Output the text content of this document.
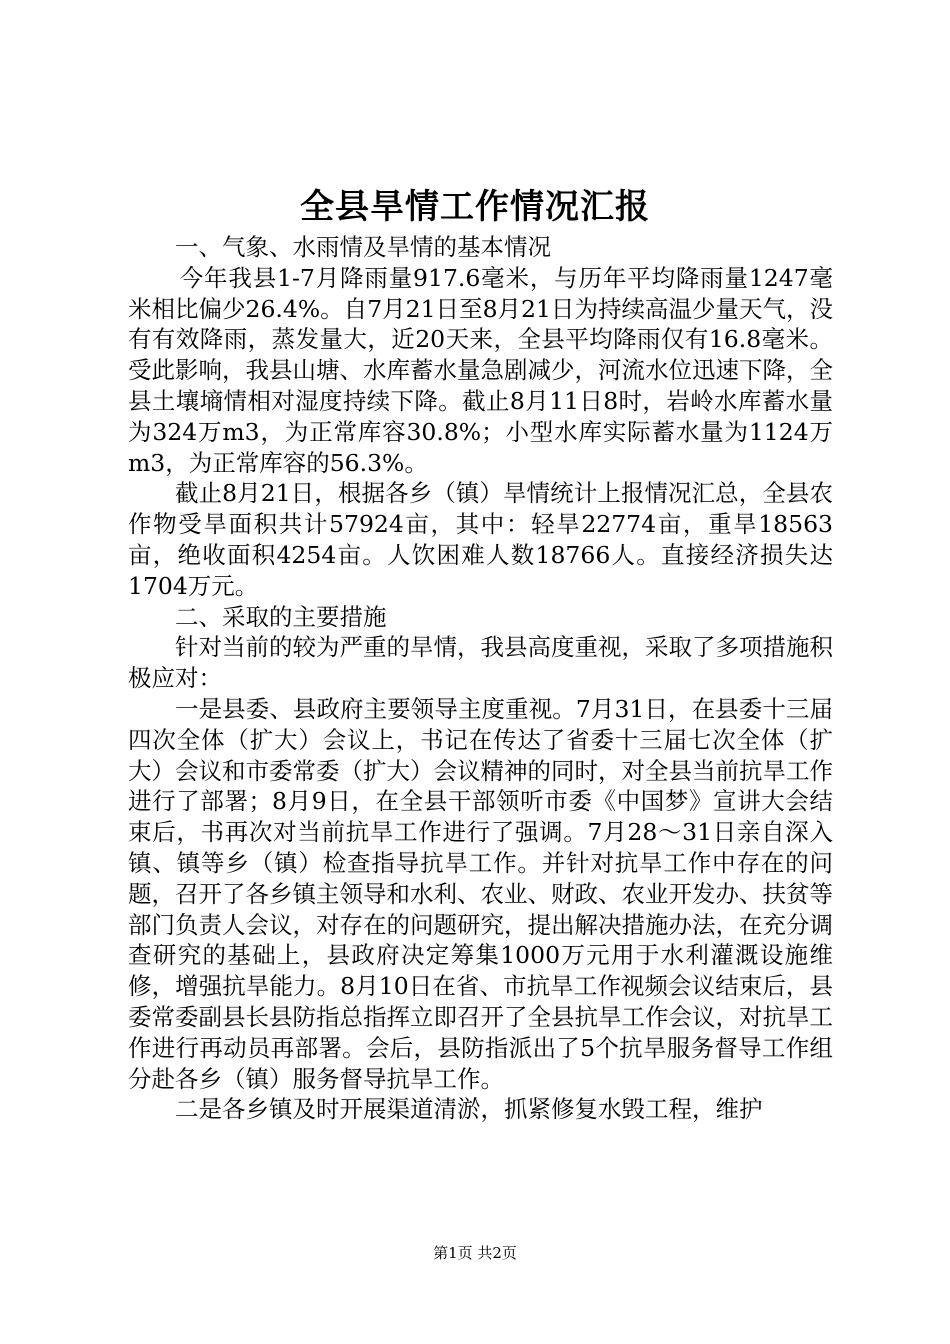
全县旱情工作情况汇报

一、气象、水雨情及旱情的基本情况

今年我县1-7月降雨量917.6毫米，与历年平均降雨量1247毫米相比偏少26.4%。自7月21日至8月21日为持续高温少量天气，没有有效降雨，蒸发量大，近20天来，全县平均降雨仅有16.8毫米。受此影响，我县山塘、水库蓄水量急剧减少，河流水位迅速下降，全县土壤墒情相对湿度持续下降。截止8月11日8时，岩岭水库蓄水量为324万m3，为正常库容30.8%；小型水库实际蓄水量为1124万m3，为正常库容的56.3%。

截止8月21日，根据各乡（镇）旱情统计上报情况汇总，全县农作物受旱面积共计57924亩，其中：轻旱22774亩，重旱18563亩，绝收面积4254亩。人饮困难人数18766人。直接经济损失达1704万元。

二、采取的主要措施

针对当前的较为严重的旱情，我县高度重视，采取了多项措施积极应对：

一是县委、县政府主要领导主度重视。7月31日，在县委十三届四次全体（扩大）会议上，书记在传达了省委十三届七次全体（扩大）会议和市委常委（扩大）会议精神的同时，对全县当前抗旱工作进行了部署；8月9日，在全县干部领听市委《中国梦》宣讲大会结束后，书再次对当前抗旱工作进行了强调。7月28～31日亲自深入镇、镇等乡（镇）检查指导抗旱工作。并针对抗旱工作中存在的问题，召开了各乡镇主领导和水利、农业、财政、农业开发办、扶贫等部门负责人会议，对存在的问题研究，提出解决措施办法，在充分调查研究的基础上，县政府决定筹集1000万元用于水利灌溉设施维修，增强抗旱能力。8月10日在省、市抗旱工作视频会议结束后，县委常委副县长县防指总指挥立即召开了全县抗旱工作会议，对抗旱工作进行再动员再部署。会后，县防指派出了5个抗旱服务督导工作组分赴各乡（镇）服务督导抗旱工作。

二是各乡镇及时开展渠道清淤，抓紧修复水毁工程，维护

第1页 共2页
